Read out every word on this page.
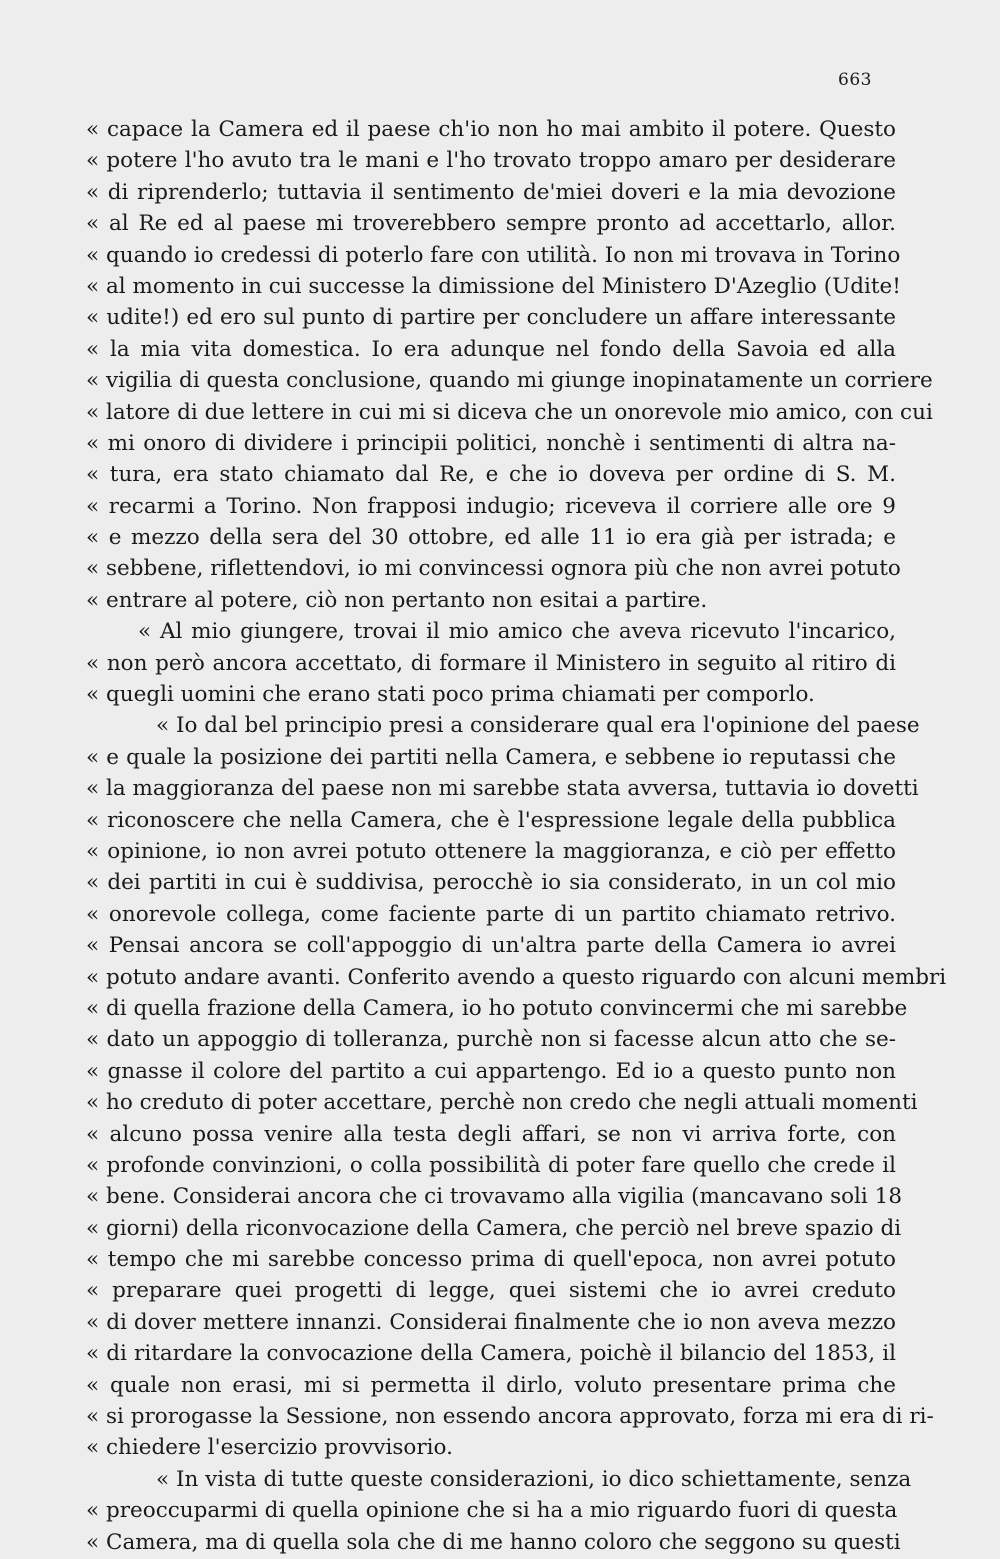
663
« capace la Camera ed il paese ch'io non ho mai ambito il potere. Questo
« potere l'ho avuto tra le mani e l'ho trovato troppo amaro per desiderare
« di riprenderlo; tuttavia il sentimento de'miei doveri e la mia devozione
« al Re ed al paese mi troverebbero sempre pronto ad accettarlo, allor.
« quando io credessi di poterlo fare con utilità. Io non mi trovava in Torino
« al momento in cui successe la dimissione del Ministero D'Azeglio (Udite!
« udite!) ed ero sul punto di partire per concludere un affare interessante
« la mia vita domestica. Io era adunque nel fondo della Savoia ed alla
« vigilia di questa conclusione, quando mi giunge inopinatamente un corriere
« latore di due lettere in cui mi si diceva che un onorevole mio amico, con cui
« mi onoro di dividere i principii politici, nonchè i sentimenti di altra na-
« tura, era stato chiamato dal Re, e che io doveva per ordine di S. M.
« recarmi a Torino. Non frapposi indugio; riceveva il corriere alle ore 9
« e mezzo della sera del 30 ottobre, ed alle 11 io era già per istrada; e
« sebbene, riflettendovi, io mi convincessi ognora più che non avrei potuto
« entrare al potere, ciò non pertanto non esitai a partire.
« Al mio giungere, trovai il mio amico che aveva ricevuto l'incarico,
« non però ancora accettato, di formare il Ministero in seguito al ritiro di
« quegli uomini che erano stati poco prima chiamati per comporlo.
« Io dal bel principio presi a considerare qual era l'opinione del paese
« e quale la posizione dei partiti nella Camera, e sebbene io reputassi che
« la maggioranza del paese non mi sarebbe stata avversa, tuttavia io dovetti
« riconoscere che nella Camera, che è l'espressione legale della pubblica
« opinione, io non avrei potuto ottenere la maggioranza, e ciò per effetto
« dei partiti in cui è suddivisa, perocchè io sia considerato, in un col mio
« onorevole collega, come faciente parte di un partito chiamato retrivo.
« Pensai ancora se coll'appoggio di un'altra parte della Camera io avrei
« potuto andare avanti. Conferito avendo a questo riguardo con alcuni membri
« di quella frazione della Camera, io ho potuto convincermi che mi sarebbe
« dato un appoggio di tolleranza, purchè non si facesse alcun atto che se-
« gnasse il colore del partito a cui appartengo. Ed io a questo punto non
« ho creduto di poter accettare, perchè non credo che negli attuali momenti
« alcuno possa venire alla testa degli affari, se non vi arriva forte, con
« profonde convinzioni, o colla possibilità di poter fare quello che crede il
« bene. Considerai ancora che ci trovavamo alla vigilia (mancavano soli 18
« giorni) della riconvocazione della Camera, che perciò nel breve spazio di
« tempo che mi sarebbe concesso prima di quell'epoca, non avrei potuto
« preparare quei progetti di legge, quei sistemi che io avrei creduto
« di dover mettere innanzi. Considerai finalmente che io non aveva mezzo
« di ritardare la convocazione della Camera, poichè il bilancio del 1853, il
« quale non erasi, mi si permetta il dirlo, voluto presentare prima che
« si prorogasse la Sessione, non essendo ancora approvato, forza mi era di ri-
« chiedere l'esercizio provvisorio.
« In vista di tutte queste considerazioni, io dico schiettamente, senza
« preoccuparmi di quella opinione che si ha a mio riguardo fuori di questa
« Camera, ma di quella sola che di me hanno coloro che seggono su questi
